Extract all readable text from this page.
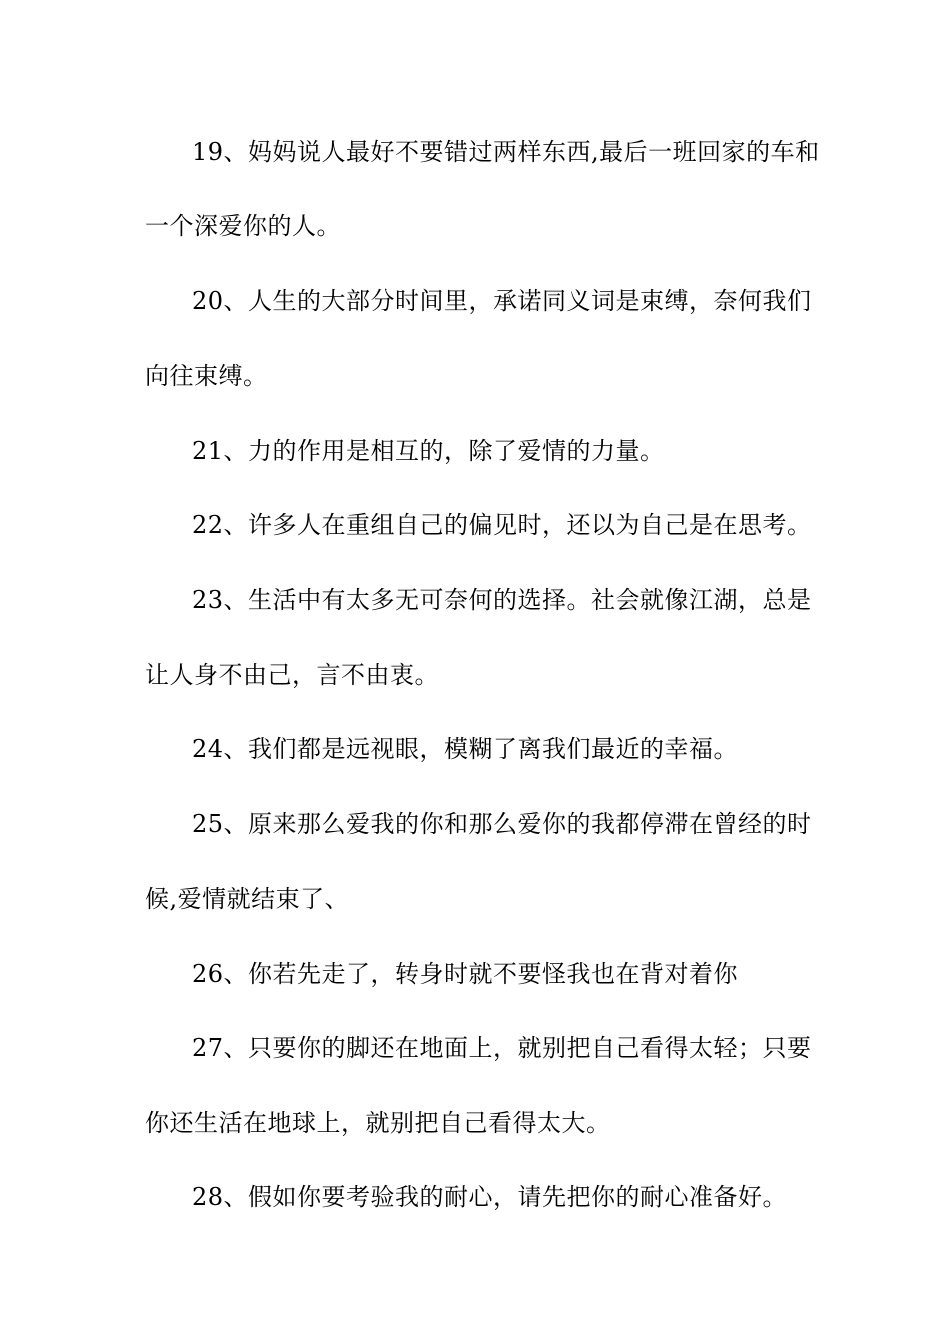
19、妈妈说人最好不要错过两样东西,最后一班回家的车和
一个深爱你的人。
20、人生的大部分时间里，承诺同义词是束缚，奈何我们
向往束缚。
21、力的作用是相互的，除了爱情的力量。
22、许多人在重组自己的偏见时，还以为自己是在思考。
23、生活中有太多无可奈何的选择。社会就像江湖，总是
让人身不由己，言不由衷。
24、我们都是远视眼，模糊了离我们最近的幸福。
25、原来那么爱我的你和那么爱你的我都停滞在曾经的时
候,爱情就结束了、
26、你若先走了，转身时就不要怪我也在背对着你
27、只要你的脚还在地面上，就别把自己看得太轻；只要
你还生活在地球上，就别把自己看得太大。
28、假如你要考验我的耐心，请先把你的耐心准备好。
